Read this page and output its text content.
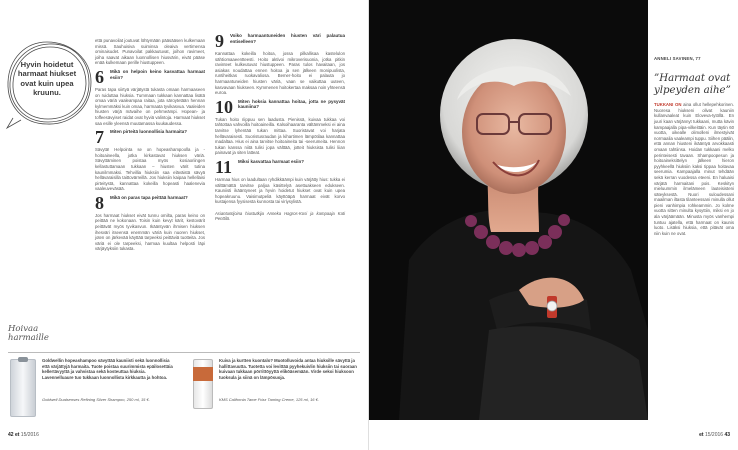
Hyvin hoidetut harmaat hiukset ovat kuin upea kruunu.

että punavoilat joutuvat löhtymään pääsääsen kulkemaan missä. Sauhuisiva suiminsa oleaiva vertimensa ominaisudet. Punavoilat pakkautuvat, joihon ravimeet, joiha saavat aikaan luonnollisen hiusvärin, eivät pääse enää kulkemaan perille hiustuppeen.

6	Mikä on helpoin keino kasvattaa harmaat esiin?

Paras tapa siirtyä värjätystä tukasta omaan harmaaseen on ruiduttaa hiuksia. Tummaan tukkaan kannattaa lisätä omaa väriä vaaleampaa raitaa, jota säroytetään hennan kylmemmäksi kuin omaa, harmaata tyvikasvua. Vaaleiden hiusten värjä mävaihe on pehmeämpi. Hopean- ja toffeesävyiset raidat ovat hyviä valintoja. Harmaat hiukset saa esille yleensä muutamassa kuukaudessa.

7	Miten pirteitä luonnollisia harmaita?

Sävytä! Helpointa se on hopeashampoolla ja -hoitoaineella, jotka kirkastavat hiuksen väriä. Sävyttäminen poistaa myös kosiaoriingen kellastuttamaan tukkaan – hiusten värit tutina kaunilmmaksi. Tehvillia hiuksiin saa eläväistä sävyä hellävaraisilla taittovärreillä. Jos hiuksiin kaipaa hellellaisi pirteitystä, kannattaa kokeilla hopeasti haalenevia vaaleuveväsää.

8	Mikä on paras tapa peittää harmaat?

Jos harmaat hiukset eivät tunnu omilta, paras keino on peittää ne kokonaan. Toisin kuin kevyt kärit, kestovärit peittävät myös tyvikasvun. Ikääntyvän ihmisen hiuksen ihesväri itseensä enemmän väriä kuin nuoren hiukset, joten on järkevää käyttää tarpeeksi peittäviä tuotteita. Jos väriä ei ole tarpeeksi, harmaa kuultaa helposti läpi värjäytyksiin tukasta.

9	Voiko harmaantuneiden hiusten väri palautua entiselleen?

Kannattaa kokeilla hoitoa, jossa pilkallisaa kastelulon sähtiomaaeentteesti. Hoito aktivoi mikroverisuonia, jotka pitkin ravinteet kulkeutuvat hiustuppeen. Paras tulos havaitaan, jos asiakas noudattaa ennen hoitoa ja sen jälkeen monipuolista, runtiheitkas ruokavaliosa. Bemer-hoito ei palauta jo harmaantuneiden hiusten väriä, vaan se vaikuttaa uuteen, kasvavaan hiukseen. Kymmenen hoitokertaa maksaa noin yhteensä euroa.

10	Miten hoksia kannattaa hoitaa, jotta ne pysyvät kauniina?

Tukan hoito riippuu sen laadusta. Pienissä, kuivaa tukkaa voi tahtottaa vahvoilla hoitoaineilla. Kalsoihaaranta vältämmeksi ei aina tarvitse lyhentää tukan mittaa. Suoristavat voi harjata hellävaraisesti. Suoristusraudan ja kihartimen lämpötilaa kannattaa madaltaa. Hius ei aina tarvitse hoitoaineita tai -seerumeita. Hennon tukan kanssa niitä tulisi jopa välttää, jotteit hiuksista tulisi liian painavat ja siten latteat.

11	Miksi kasvattaa harmaat esiin?

Harmaa hius on laadultaan ryhdikkäämpi kuin värjätty hius: tukka ei välttämättä tarvitse paljoa käsittelyä asettuakseen edukseen. Kauniisti ikääntyneet ja hyvin hoidetut hiukset ovat kuin upea hopeakruunu. Vaisimutpeliä käyttöäpä harmaat eivät korvo kustajensa fyysisesta kunnosta tai viriysylistä.

Asiantuntijoina hiustutkija Anneka Hagros-Kosi ja kampaaja Kati Penttilä.

Hoivaa harmaille
Goldwellin hopeashampoo sävyttää kauniisti sekä luonnollisia että värjättyjä harmaita. Tuote poistaa suurimmista epäilosettäia kellertävyyttä ja vahvistaa sekä kosteuttaa hiuksia. Lavennelluaure tuo tukkaan luonnollista kirkkautta ja hohtoa.
Goldwell Dualsenses Refining Silver Shampoo, 250 ml, 15 €.
Kuiva ja kurtten kuontalo? Muotolluvoida antaa hiuksille sävyttä ja hallittavuutta. Tuotetta voi levittää pyyhekuivlin hiuksiin tai suoraan kuivaan tukkaan pörrittöyyttä eliköäsemään. Virde sekoi hiuksoon tuoksula ja siinä on lämpösuoja.
KMS California Tame Frizz Taming Creme, 125 ml, 16 €.
42 et 15/2016
ANNELI SAVINEN, 77
”Harmaat ovat ylpeyden aihe”

TUKKANI ON aina ollut hellepehkorinen. Nuoresa hiukseni olivat kauniin kullanvaaleat kuin Eloveva-tytöllä. En juuri kaan värjännyt tukkaani, mutta kävin kampaajalla pipa-vilkeittäin. Kun täytin 60 vuotta, oikealle olimolleni ilmestyivät normaalia vaaleampi tuppu. Siihen päälin, että annan hiusteni ikääntyä arvokkaasti omaan tahtiinsa. Hoidan tukkaani melko perinteisesti tavaan. Shampoopesun ja hoitoaineksittelyn jälkeen hieron pyyhkeellä hiuksiin kaksi tippaa hoitavaa seerumia. Kampaajalla minut tehdään sekä kerran vuodessa eteeni. En haluaisi värjätä harmaitani pois. Keskityn mieluummin ilmelämeen lauteisisteni säteyksestä. Nuori suloudessani maailman iltasta tilanteessani minulla ollut pieni vanhimpia rohkeammin. Jo kolme vuotta sitten minulta kysyttiin, miksi en jo ala värjäämään. Minusta myös vanhempi tuntuu ajatella, että harmaat on kaunis luoto. Lisäksi hiuksia, että pitävät oma niin kuin ne ovat.

et 15/2016 43
